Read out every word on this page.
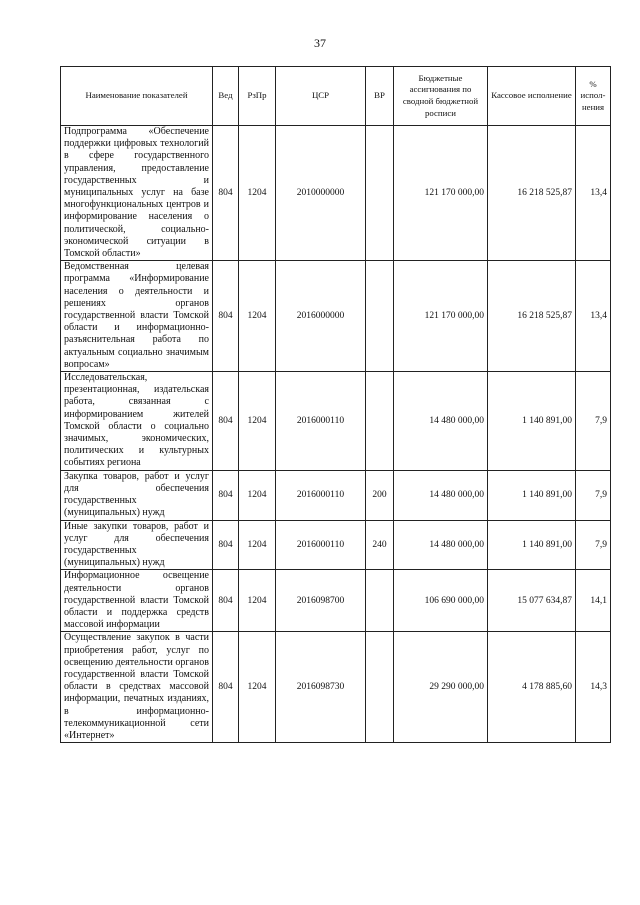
37
Наименование показателей	Вед	РзПр	ЦСР	ВР	Бюджетные ассигнования по сводной бюджетной росписи	Кассовое исполнение	% испол-нения
Подпрограмма «Обеспечение поддержки цифровых технологий в сфере государственного управления, предоставление государственных и муниципальных услуг на базе многофункциональных центров и информирование населения о политической, социально-экономической ситуации в Томской области»	804	1204	2010000000		121 170 000,00	16 218 525,87	13,4
Ведомственная целевая программа «Информирование населения о деятельности и решениях органов государственной власти Томской области и информационно-разъяснительная работа по актуальным социально значимым вопросам»	804	1204	2016000000		121 170 000,00	16 218 525,87	13,4
Исследовательская, презентационная, издательская работа, связанная с информированием жителей Томской области о социально значимых, экономических, политических и культурных событиях региона	804	1204	2016000110		14 480 000,00	1 140 891,00	7,9
Закупка товаров, работ и услуг для обеспечения государственных (муниципальных) нужд	804	1204	2016000110	200	14 480 000,00	1 140 891,00	7,9
Иные закупки товаров, работ и услуг для обеспечения государственных (муниципальных) нужд	804	1204	2016000110	240	14 480 000,00	1 140 891,00	7,9
Информационное освещение деятельности органов государственной власти Томской области и поддержка средств массовой информации	804	1204	2016098700		106 690 000,00	15 077 634,87	14,1
Осуществление закупок в части приобретения работ, услуг по освещению деятельности органов государственной власти Томской области в средствах массовой информации, печатных изданиях, в информационно-телекоммуникационной сети «Интернет»	804	1204	2016098730		29 290 000,00	4 178 885,60	14,3
